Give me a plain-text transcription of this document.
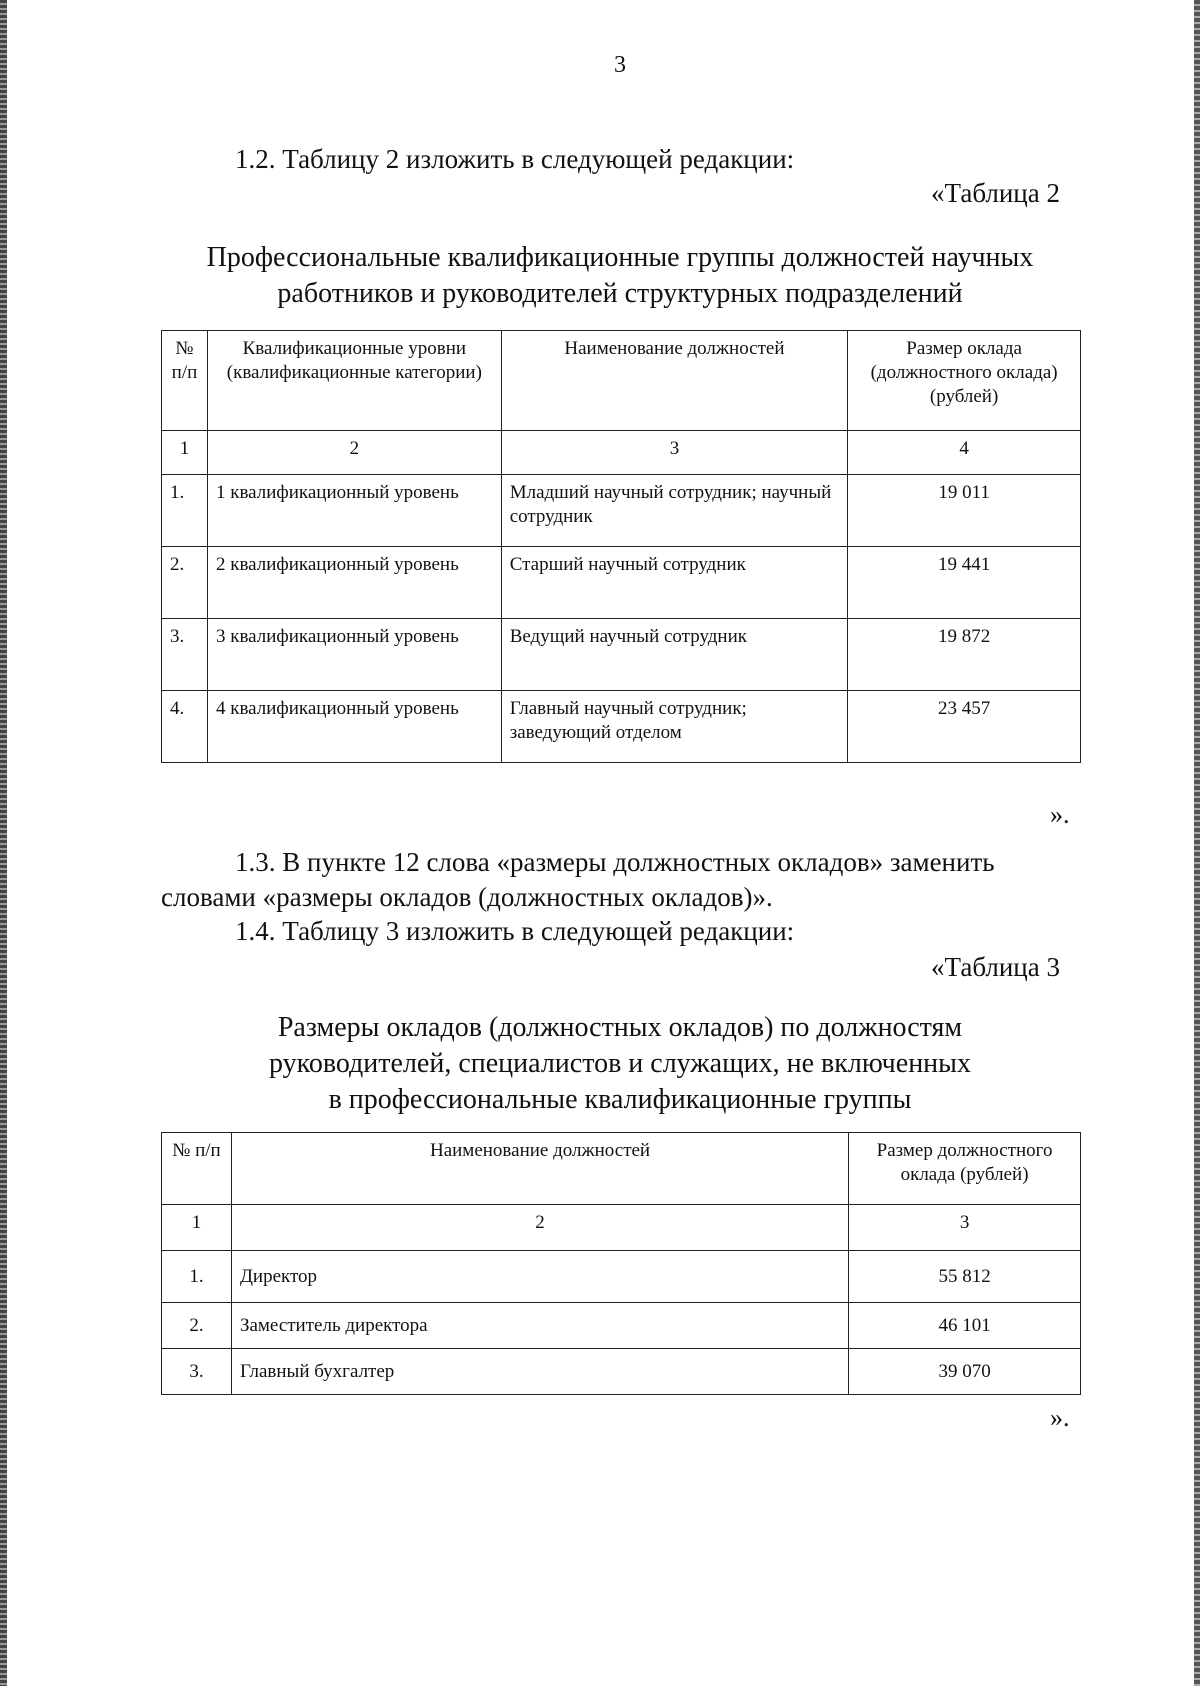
3
1.2. Таблицу 2 изложить в следующей редакции:
«Таблица 2
Профессиональные квалификационные группы должностей научных
работников и руководителей структурных подразделений
№ п/п	Квалификационные уровни (квалификационные категории)	Наименование должностей	Размер оклада (должностного оклада) (рублей)
1	2	3	4
1.	1 квалификационный уровень	Младший научный сотрудник; научный сотрудник	19 011
2.	2 квалификационный уровень	Старший научный сотрудник	19 441
3.	3 квалификационный уровень	Ведущий научный сотрудник	19 872
4.	4 квалификационный уровень	Главный научный сотрудник; заведующий отделом	23 457
».
1.3. В пункте 12 слова «размеры должностных окладов» заменить
словами «размеры окладов (должностных окладов)».
1.4. Таблицу 3 изложить в следующей редакции:
«Таблица 3
Размеры окладов (должностных окладов) по должностям
руководителей, специалистов и служащих, не включенных
в профессиональные квалификационные группы
№ п/п	Наименование должностей	Размер должностного оклада (рублей)
1	2	3
1.	Директор	55 812
2.	Заместитель директора	46 101
3.	Главный бухгалтер	39 070
».
